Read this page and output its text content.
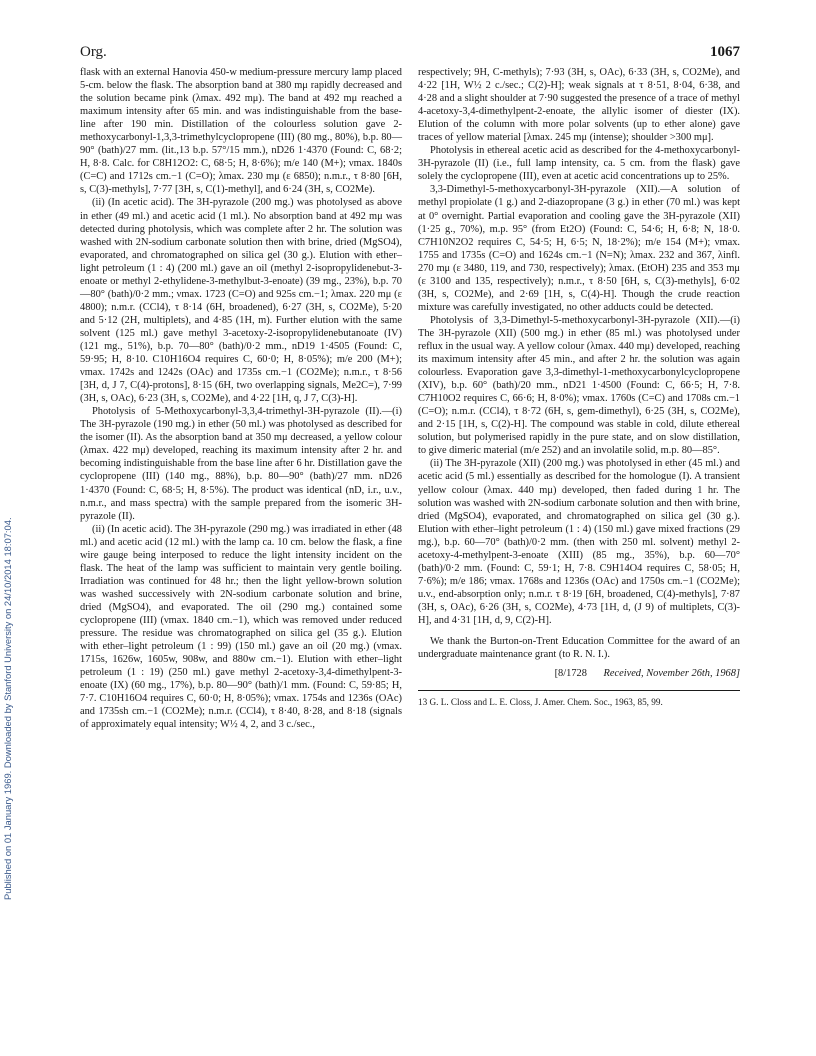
Org.	1067
Published on 01 January 1969. Downloaded by Stanford University on 24/10/2014 18:07:04.

flask with an external Hanovia 450-w medium-pressure mercury lamp placed 5-cm. below the flask. The absorption band at 380 mμ rapidly decreased and the solution became pink (λmax. 492 mμ). The band at 492 mμ reached a maximum intensity after 65 min. and was indistinguishable from the base-line after 190 min. Distillation of the colourless solution gave 2-methoxycarbonyl-1,3,3-trimethylcyclopropene (III) (80 mg., 80%), b.p. 80—90° (bath)/27 mm. (lit.,13 b.p. 57°/15 mm.), nD26 1·4370 (Found: C, 68·2; H, 8·8. Calc. for C8H12O2: C, 68·5; H, 8·6%); m/e 140 (M+); νmax. 1840s (C=C) and 1712s cm.−1 (C=O); λmax. 230 mμ (ε 6850); n.m.r., τ 8·80 [6H, s, C(3)-methyls], 7·77 [3H, s, C(1)-methyl], and 6·24 (3H, s, CO2Me).

(ii) (In acetic acid). The 3H-pyrazole (200 mg.) was photolysed as above in ether (49 ml.) and acetic acid (1 ml.). No absorption band at 492 mμ was detected during photolysis, which was complete after 2 hr. The solution was washed with 2N-sodium carbonate solution then with brine, dried (MgSO4), evaporated, and chromatographed on silica gel (30 g.). Elution with ether–light petroleum (1 : 4) (200 ml.) gave an oil (methyl 2-isopropylidenebut-3-enoate or methyl 2-ethylidene-3-methylbut-3-enoate) (39 mg., 23%), b.p. 70—80° (bath)/0·2 mm.; νmax. 1723 (C=O) and 925s cm.−1; λmax. 220 mμ (ε 4800); n.m.r. (CCl4), τ 8·14 (6H, broadened), 6·27 (3H, s, CO2Me), 5·20 and 5·12 (2H, multiplets), and 4·85 (1H, m). Further elution with the same solvent (125 ml.) gave methyl 3-acetoxy-2-isopropylidenebutanoate (IV) (121 mg., 51%), b.p. 70—80° (bath)/0·2 mm., nD19 1·4505 (Found: C, 59·95; H, 8·10. C10H16O4 requires C, 60·0; H, 8·05%); m/e 200 (M+); νmax. 1742s and 1242s (OAc) and 1735s cm.−1 (CO2Me); n.m.r., τ 8·56 [3H, d, J 7, C(4)-protons], 8·15 (6H, two overlapping signals, Me2C=), 7·99 (3H, s, OAc), 6·23 (3H, s, CO2Me), and 4·22 [1H, q, J 7, C(3)-H].

Photolysis of 5-Methoxycarbonyl-3,3,4-trimethyl-3H-pyrazole (II).—(i) The 3H-pyrazole (190 mg.) in ether (50 ml.) was photolysed as described for the isomer (II). As the absorption band at 350 mμ decreased, a yellow colour (λmax. 422 mμ) developed, reaching its maximum intensity after 2 hr. and becoming indistinguishable from the base line after 6 hr. Distillation gave the cyclopropene (III) (140 mg., 88%), b.p. 80—90° (bath)/27 mm. nD26 1·4370 (Found: C, 68·5; H, 8·5%). The product was identical (nD, i.r., u.v., n.m.r., and mass spectra) with the sample prepared from the isomeric 3H-pyrazole (II).

(ii) (In acetic acid). The 3H-pyrazole (290 mg.) was irradiated in ether (48 ml.) and acetic acid (12 ml.) with the lamp ca. 10 cm. below the flask, a fine wire gauge being interposed to reduce the light intensity incident on the flask. The heat of the lamp was sufficient to maintain very gentle boiling. Irradiation was continued for 48 hr.; then the light yellow-brown solution was washed successively with 2N-sodium carbonate solution and brine, dried (MgSO4), and evaporated. The oil (290 mg.) contained some cyclopropene (III) (νmax. 1840 cm.−1), which was removed under reduced pressure. The residue was chromatographed on silica gel (35 g.). Elution with ether–light petroleum (1 : 99) (150 ml.) gave an oil (20 mg.) (νmax. 1715s, 1626w, 1605w, 908w, and 880w cm.−1). Elution with ether–light petroleum (1 : 19) (250 ml.) gave methyl 2-acetoxy-3,4-dimethylpent-3-enoate (IX) (60 mg., 17%), b.p. 80—90° (bath)/1 mm. (Found: C, 59·85; H, 7·7. C10H16O4 requires C, 60·0; H, 8·05%); νmax. 1754s and 1236s (OAc) and 1735sh cm.−1 (CO2Me); n.m.r. (CCl4), τ 8·40, 8·28, and 8·18 (signals of approximately equal intensity; W½ 4, 2, and 3 c./sec.,

respectively; 9H, C-methyls); 7·93 (3H, s, OAc), 6·33 (3H, s, CO2Me), and 4·22 [1H, W½ 2 c./sec.; C(2)-H]; weak signals at τ 8·51, 8·04, 6·38, and 4·28 and a slight shoulder at 7·90 suggested the presence of a trace of methyl 4-acetoxy-3,4-dimethylpent-2-enoate, the allylic isomer of diester (IX). Elution of the column with more polar solvents (up to ether alone) gave traces of yellow material [λmax. 245 mμ (intense); shoulder >300 mμ].

Photolysis in ethereal acetic acid as described for the 4-methoxycarbonyl-3H-pyrazole (II) (i.e., full lamp intensity, ca. 5 cm. from the flask) gave solely the cyclopropene (III), even at acetic acid concentrations up to 25%.

3,3-Dimethyl-5-methoxycarbonyl-3H-pyrazole (XII).—A solution of methyl propiolate (1 g.) and 2-diazopropane (3 g.) in ether (70 ml.) was kept at 0° overnight. Partial evaporation and cooling gave the 3H-pyrazole (XII) (1·25 g., 70%), m.p. 95° (from Et2O) (Found: C, 54·6; H, 6·8; N, 18·0. C7H10N2O2 requires C, 54·5; H, 6·5; N, 18·2%); m/e 154 (M+); νmax. 1755 and 1735s (C=O) and 1624s cm.−1 (N=N); λmax. 232 and 367, λinfl. 270 mμ (ε 3480, 119, and 730, respectively); λmax. (EtOH) 235 and 353 mμ (ε 3100 and 135, respectively); n.m.r., τ 8·50 [6H, s, C(3)-methyls], 6·02 (3H, s, CO2Me), and 2·69 [1H, s, C(4)-H]. Though the crude reaction mixture was carefully investigated, no other adducts could be detected.

Photolysis of 3,3-Dimethyl-5-methoxycarbonyl-3H-pyrazole (XII).—(i) The 3H-pyrazole (XII) (500 mg.) in ether (85 ml.) was photolysed under reflux in the usual way. A yellow colour (λmax. 440 mμ) developed, reaching its maximum intensity after 45 min., and after 2 hr. the solution was again colourless. Evaporation gave 3,3-dimethyl-1-methoxycarbonylcyclopropene (XIV), b.p. 60° (bath)/20 mm., nD21 1·4500 (Found: C, 66·5; H, 7·8. C7H10O2 requires C, 66·6; H, 8·0%); νmax. 1760s (C=C) and 1708s cm.−1 (C=O); n.m.r. (CCl4), τ 8·72 (6H, s, gem-dimethyl), 6·25 (3H, s, CO2Me), and 2·15 [1H, s, C(2)-H]. The compound was stable in cold, dilute ethereal solution, but polymerised rapidly in the pure state, and on slow distillation, to give dimeric material (m/e 252) and an involatile solid, m.p. 80—85°.

(ii) The 3H-pyrazole (XII) (200 mg.) was photolysed in ether (45 ml.) and acetic acid (5 ml.) essentially as described for the homologue (I). A transient yellow colour (λmax. 440 mμ) developed, then faded during 1 hr. The solution was washed with 2N-sodium carbonate solution and then with brine, dried (MgSO4), evaporated, and chromatographed on silica gel (30 g.). Elution with ether–light petroleum (1 : 4) (150 ml.) gave mixed fractions (29 mg.), b.p. 60—70° (bath)/0·2 mm. (then with 250 ml. solvent) methyl 2-acetoxy-4-methylpent-3-enoate (XIII) (85 mg., 35%), b.p. 60—70° (bath)/0·2 mm. (Found: C, 59·1; H, 7·8. C9H14O4 requires C, 58·05; H, 7·6%); m/e 186; νmax. 1768s and 1236s (OAc) and 1750s cm.−1 (CO2Me); u.v., end-absorption only; n.m.r. τ 8·19 [6H, broadened, C(4)-methyls], 7·87 (3H, s, OAc), 6·26 (3H, s, CO2Me), 4·73 [1H, d, (J 9) of multiplets, C(3)-H], and 4·31 [1H, d, 9, C(2)-H].

We thank the Burton-on-Trent Education Committee for the award of an undergraduate maintenance grant (to R. N. I.).

[8/1728 Received, November 26th, 1968]

13 G. L. Closs and L. E. Closs, J. Amer. Chem. Soc., 1963, 85, 99.
